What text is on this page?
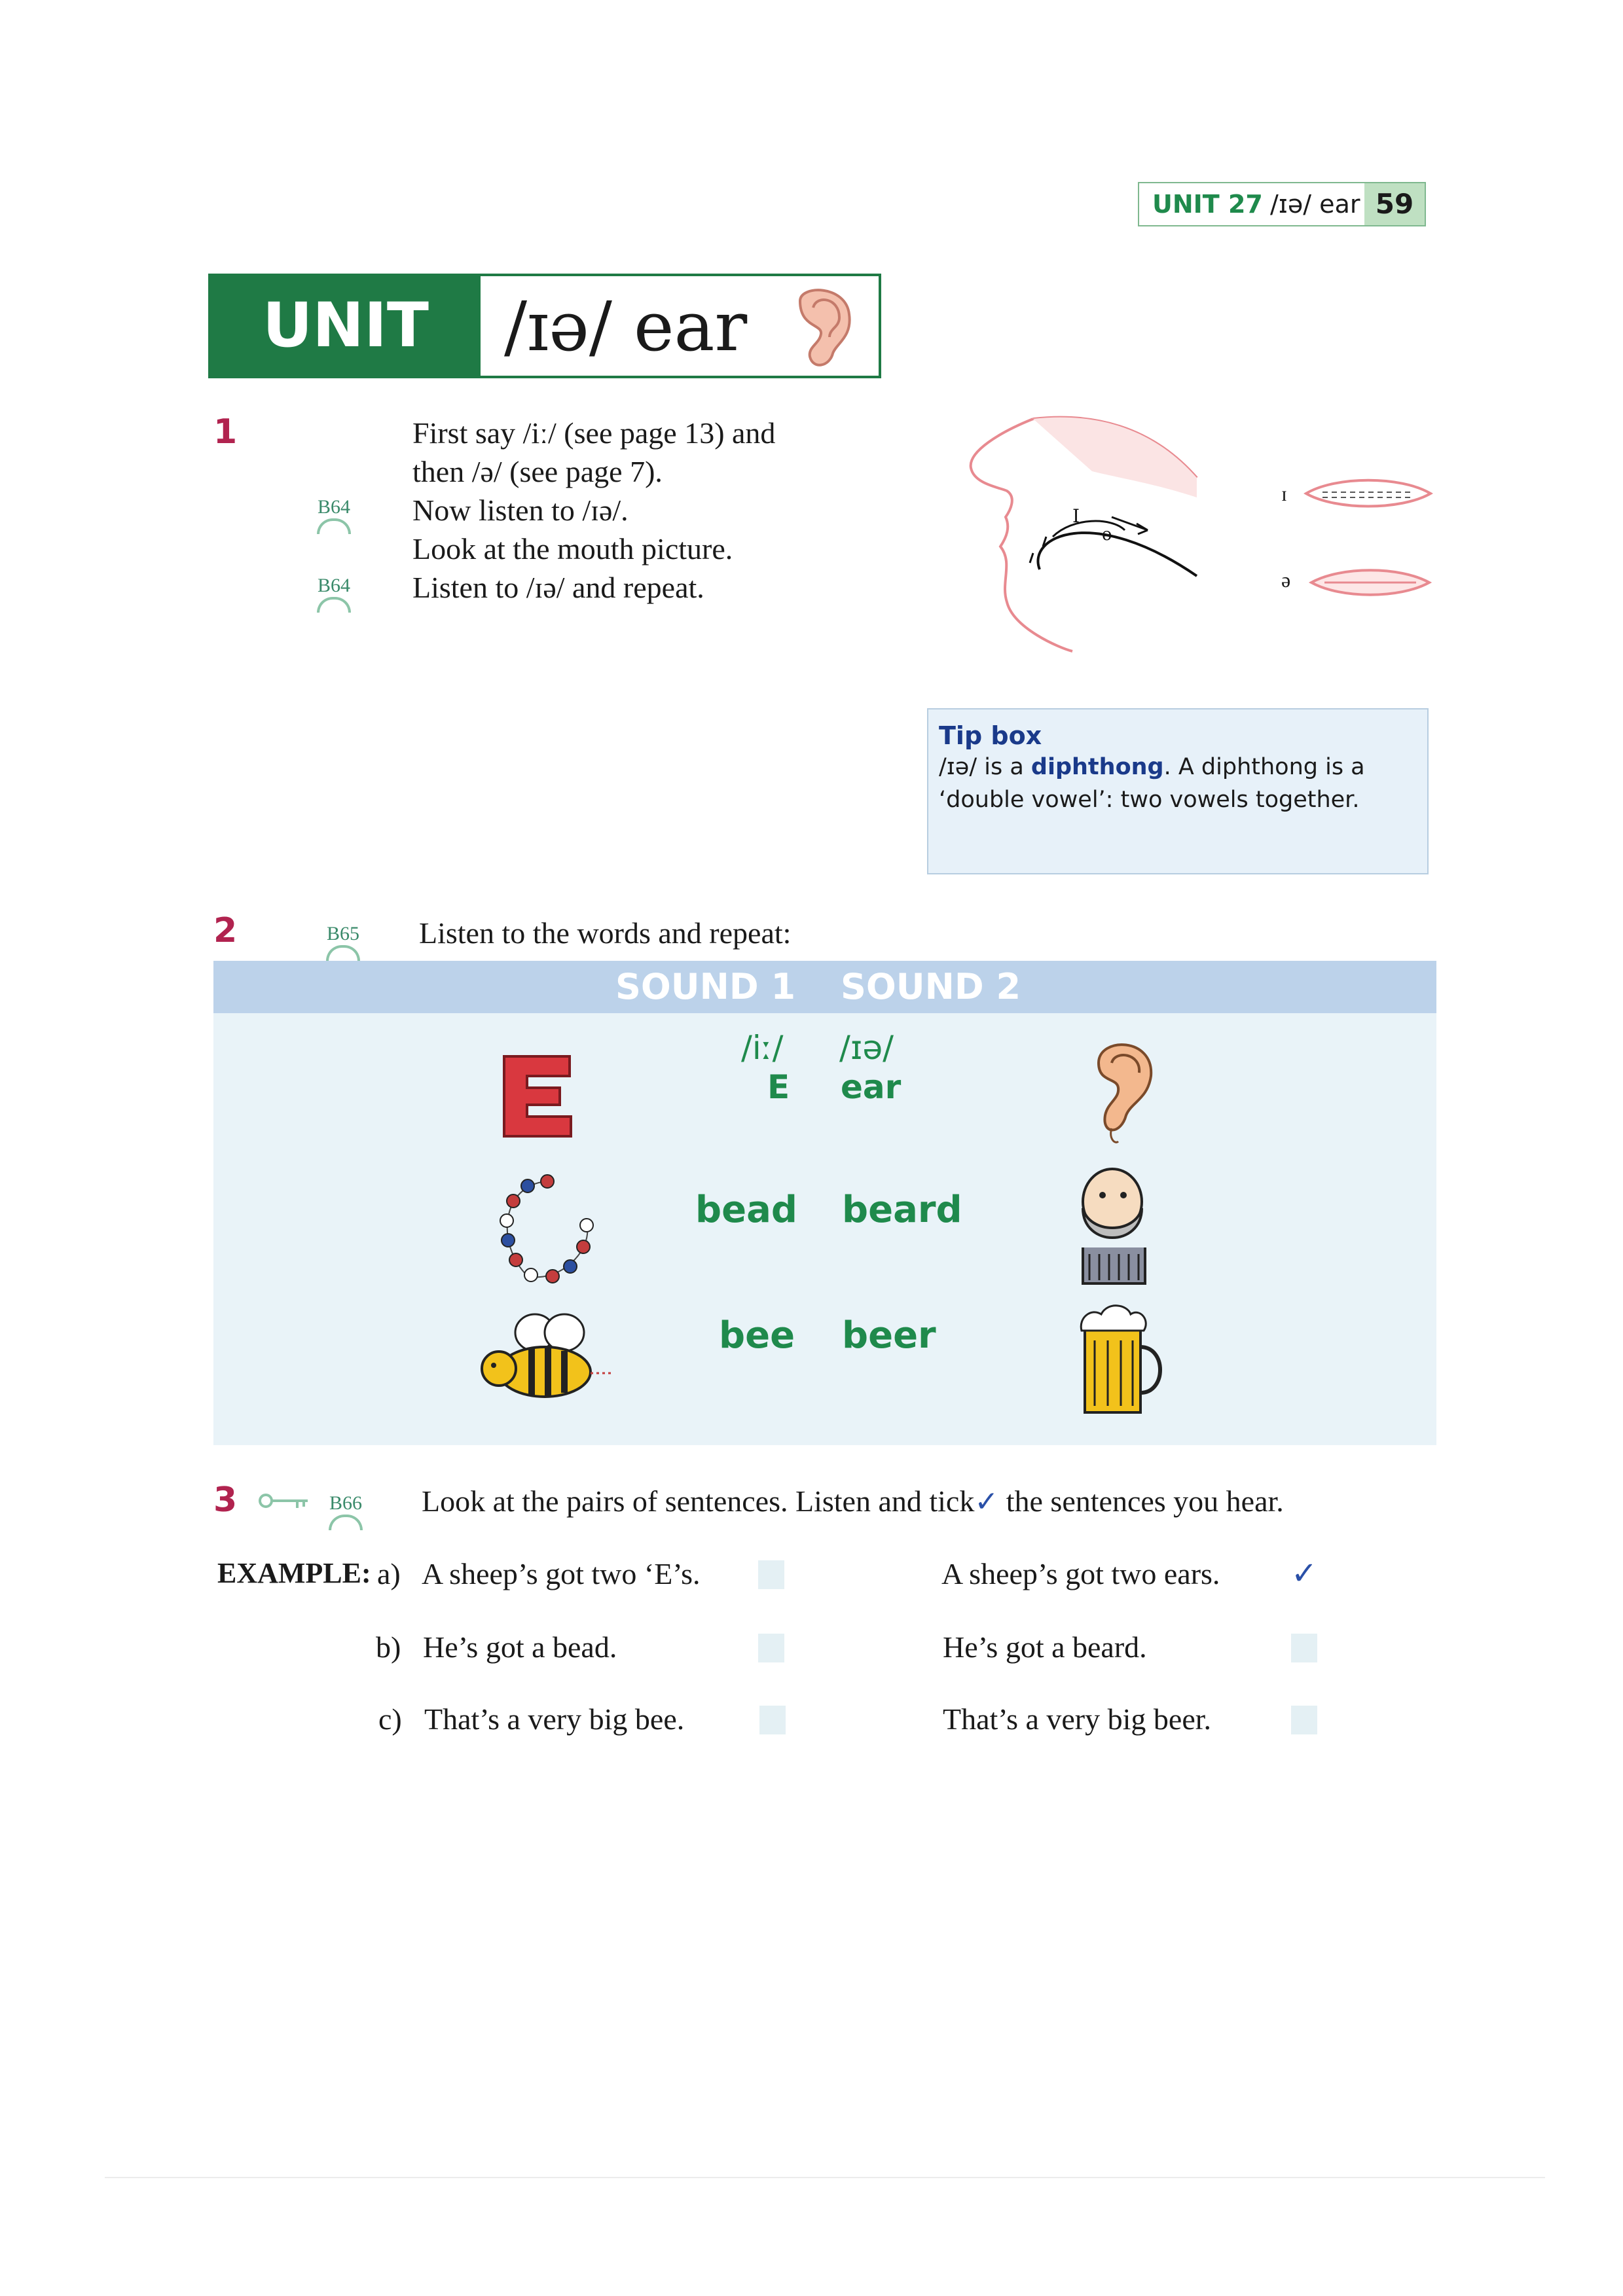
UNIT 27 /ɪə/ ear 59
UNIT 27
/ɪə/ ear
1
B64
B64
First say /iː/ (see page 13) and
then /ə/ (see page 7).
Now listen to /ɪə/.
Look at the mouth picture.
Listen to /ɪə/ and repeat.
I
ə
ɪ
ə
Tip box
/ɪə/ is a diphthong. A diphthong is a
‘double vowel’: two vowels together.
2	B65	Listen to the words and repeat:
SOUND 1 SOUND 2
/iː/ /ɪə/
E ear
bead beard
bee beer
3	B66	Look at the pairs of sentences. Listen and tick✓ the sentences you hear.
EXAMPLE: a) A sheep’s got two ‘E’s.	A sheep’s got two ears. ✓
b) He’s got a bead.	He’s got a beard.
c) That’s a very big bee.	That’s a very big beer.
